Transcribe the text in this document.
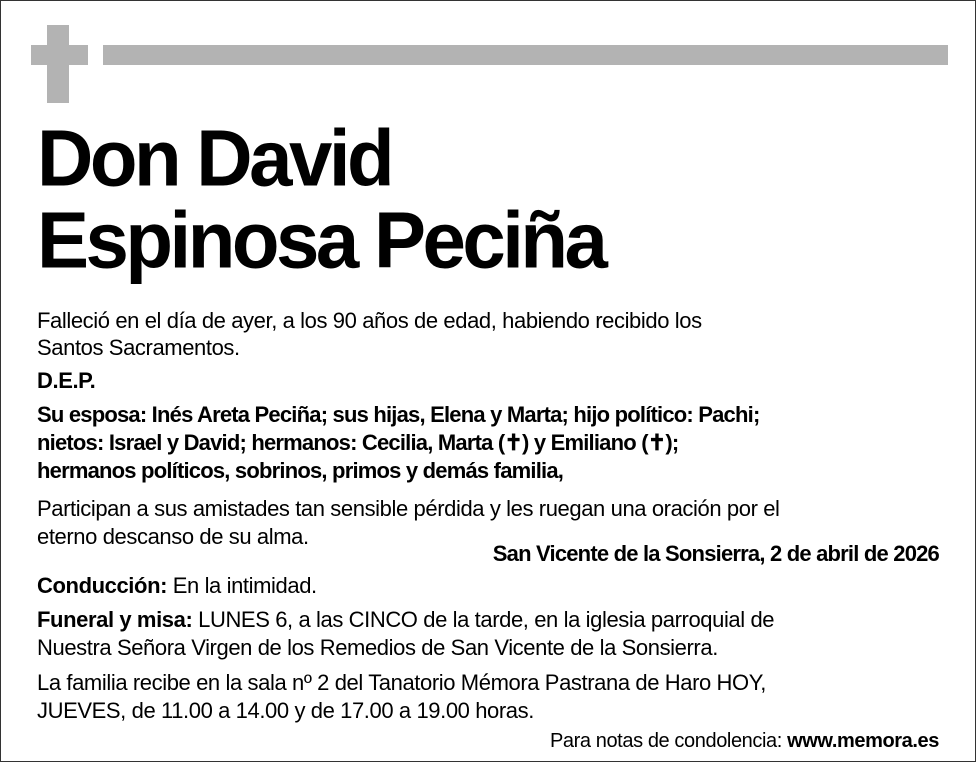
Don David
Espinosa Peciña
Falleció en el día de ayer, a los 90 años de edad, habiendo recibido los
Santos Sacramentos.
D.E.P.
Su esposa: Inés Areta Peciña; sus hijas, Elena y Marta; hijo político: Pachi;
nietos: Israel y David; hermanos: Cecilia, Marta (✝) y Emiliano (✝);
hermanos políticos, sobrinos, primos y demás familia,
Participan a sus amistades tan sensible pérdida y les ruegan una oración por el
eterno descanso de su alma.
San Vicente de la Sonsierra, 2 de abril de 2026
Conducción: En la intimidad.
Funeral y misa: LUNES 6, a las CINCO de la tarde, en la iglesia parroquial de
Nuestra Señora Virgen de los Remedios de San Vicente de la Sonsierra.
La familia recibe en la sala nº 2 del Tanatorio Mémora Pastrana de Haro HOY,
JUEVES, de 11.00 a 14.00 y de 17.00 a 19.00 horas.
Para notas de condolencia: www.memora.es
